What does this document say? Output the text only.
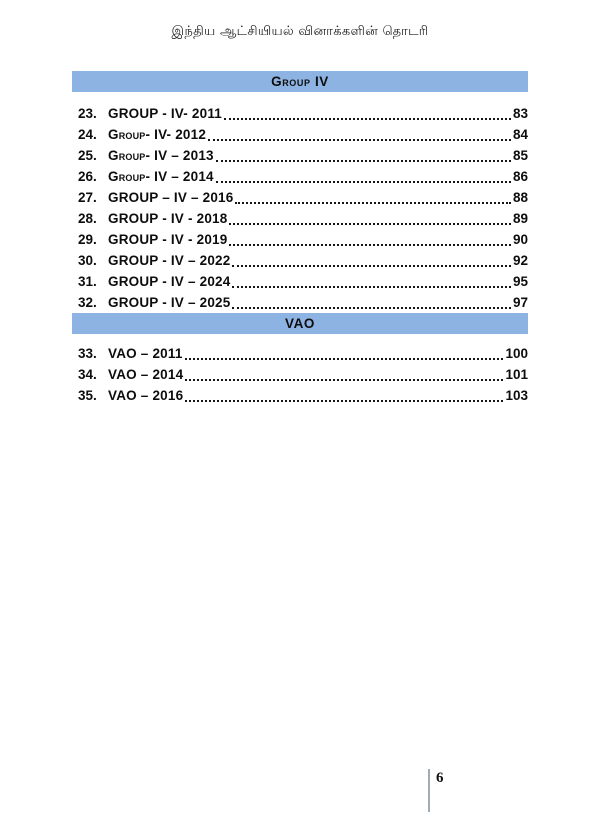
இந்திய ஆட்சியியல் வினாக்களின் தொடரி
Group IV
23. GROUP - IV- 2011	83
24. Group- IV- 2012	84
25. Group- IV – 2013	85
26. Group- IV – 2014	86
27. GROUP – IV – 2016	88
28. GROUP - IV - 2018	89
29. GROUP - IV - 2019	90
30. GROUP - IV – 2022	92
31. GROUP - IV – 2024	95
32. GROUP - IV – 2025	97
VAO
33. VAO – 2011	100
34. VAO – 2014	101
35. VAO – 2016	103
6
